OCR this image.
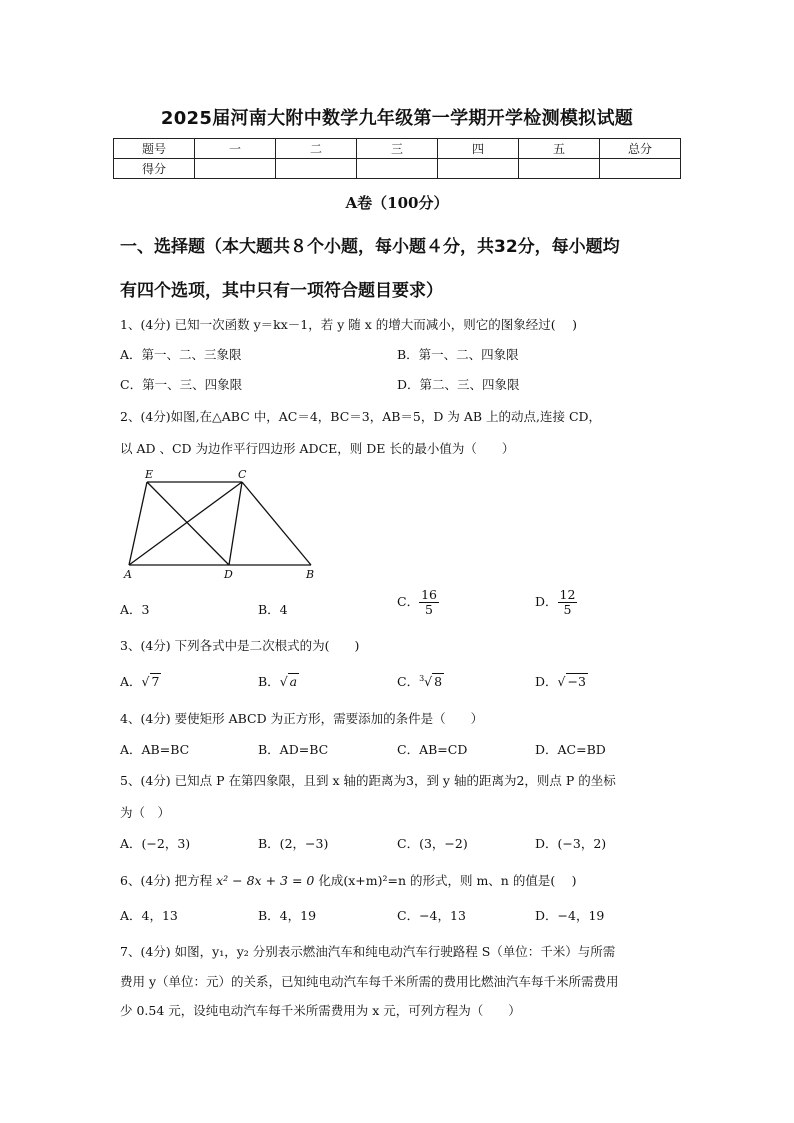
2025届河南大附中数学九年级第一学期开学检测模拟试题
题号	一	二	三	四	五	总分
得分						
A卷（100分）
一、选择题（本大题共８个小题，每小题４分，共32分，每小题均
有四个选项，其中只有一项符合题目要求）
1、(4分) 已知一次函数 y＝kx－1，若 y 随 x 的增大而减小，则它的图象经过(　 )
A．第一、二、三象限	B．第一、二、四象限
C．第一、三、四象限	D．第二、三、四象限
2、(4分)如图,在△ABC 中，AC＝4，BC＝3，AB＝5，D 为 AB 上的动点,连接 CD，
以 AD 、CD 为边作平行四边形 ADCE，则 DE 长的最小值为（　　）
E	C
A	D	B
A．3	B．4
C． $\frac{16}{5}$	D． $\frac{12}{5}$
3、(4分) 下列各式中是二次根式的为(　　)
A．√ 7	B．√ a	C．$^3$√ 8	D．√ −3
4、(4分) 要使矩形 ABCD 为正方形，需要添加的条件是（　　）
A．AB=BC	B．AD=BC	C．AB=CD	D．AC=BD
5、(4分) 已知点 P 在第四象限，且到 x 轴的距离为3，到 y 轴的距离为2，则点 P 的坐标
为（　）
A．(−2，3)	B．(2，−3)	C．(3，−2)	D．(−3，2)
6、(4分) 把方程 x² − 8x + 3 = 0 化成(x+m)²=n 的形式，则 m、n 的值是(　 )
A．4，13	B．4，19	C．−4，13	D．−4，19
7、(4分) 如图，y₁，y₂ 分别表示燃油汽车和纯电动汽车行驶路程 S（单位：千米）与所需
费用 y（单位：元）的关系，已知纯电动汽车每千米所需的费用比燃油汽车每千米所需费用
少 0.54 元，设纯电动汽车每千米所需费用为 x 元，可列方程为（　　）
